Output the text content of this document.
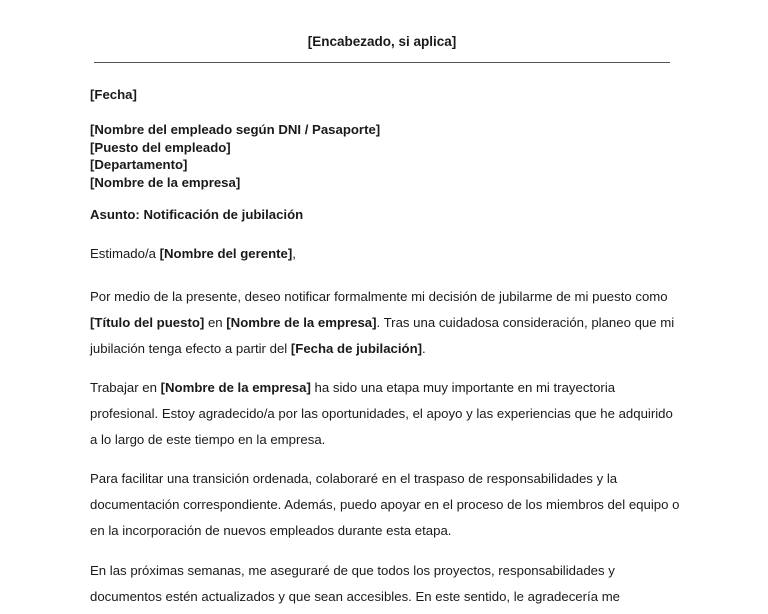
[Encabezado, si aplica]
[Fecha]
[Nombre del empleado según DNI / Pasaporte]
[Puesto del empleado]
[Departamento]
[Nombre de la empresa]
Asunto: Notificación de jubilación
Estimado/a [Nombre del gerente],
Por medio de la presente, deseo notificar formalmente mi decisión de jubilarme de mi puesto como [Título del puesto] en [Nombre de la empresa]. Tras una cuidadosa consideración, planeo que mi jubilación tenga efecto a partir del [Fecha de jubilación].
Trabajar en [Nombre de la empresa] ha sido una etapa muy importante en mi trayectoria profesional. Estoy agradecido/a por las oportunidades, el apoyo y las experiencias que he adquirido a lo largo de este tiempo en la empresa.
Para facilitar una transición ordenada, colaboraré en el traspaso de responsabilidades y la documentación correspondiente. Además, puedo apoyar en el proceso de los miembros del equipo o en la incorporación de nuevos empleados durante esta etapa.
En las próximas semanas, me aseguraré de que todos los proyectos, responsabilidades y documentos estén actualizados y que sean accesibles. En este sentido, le agradecería me
